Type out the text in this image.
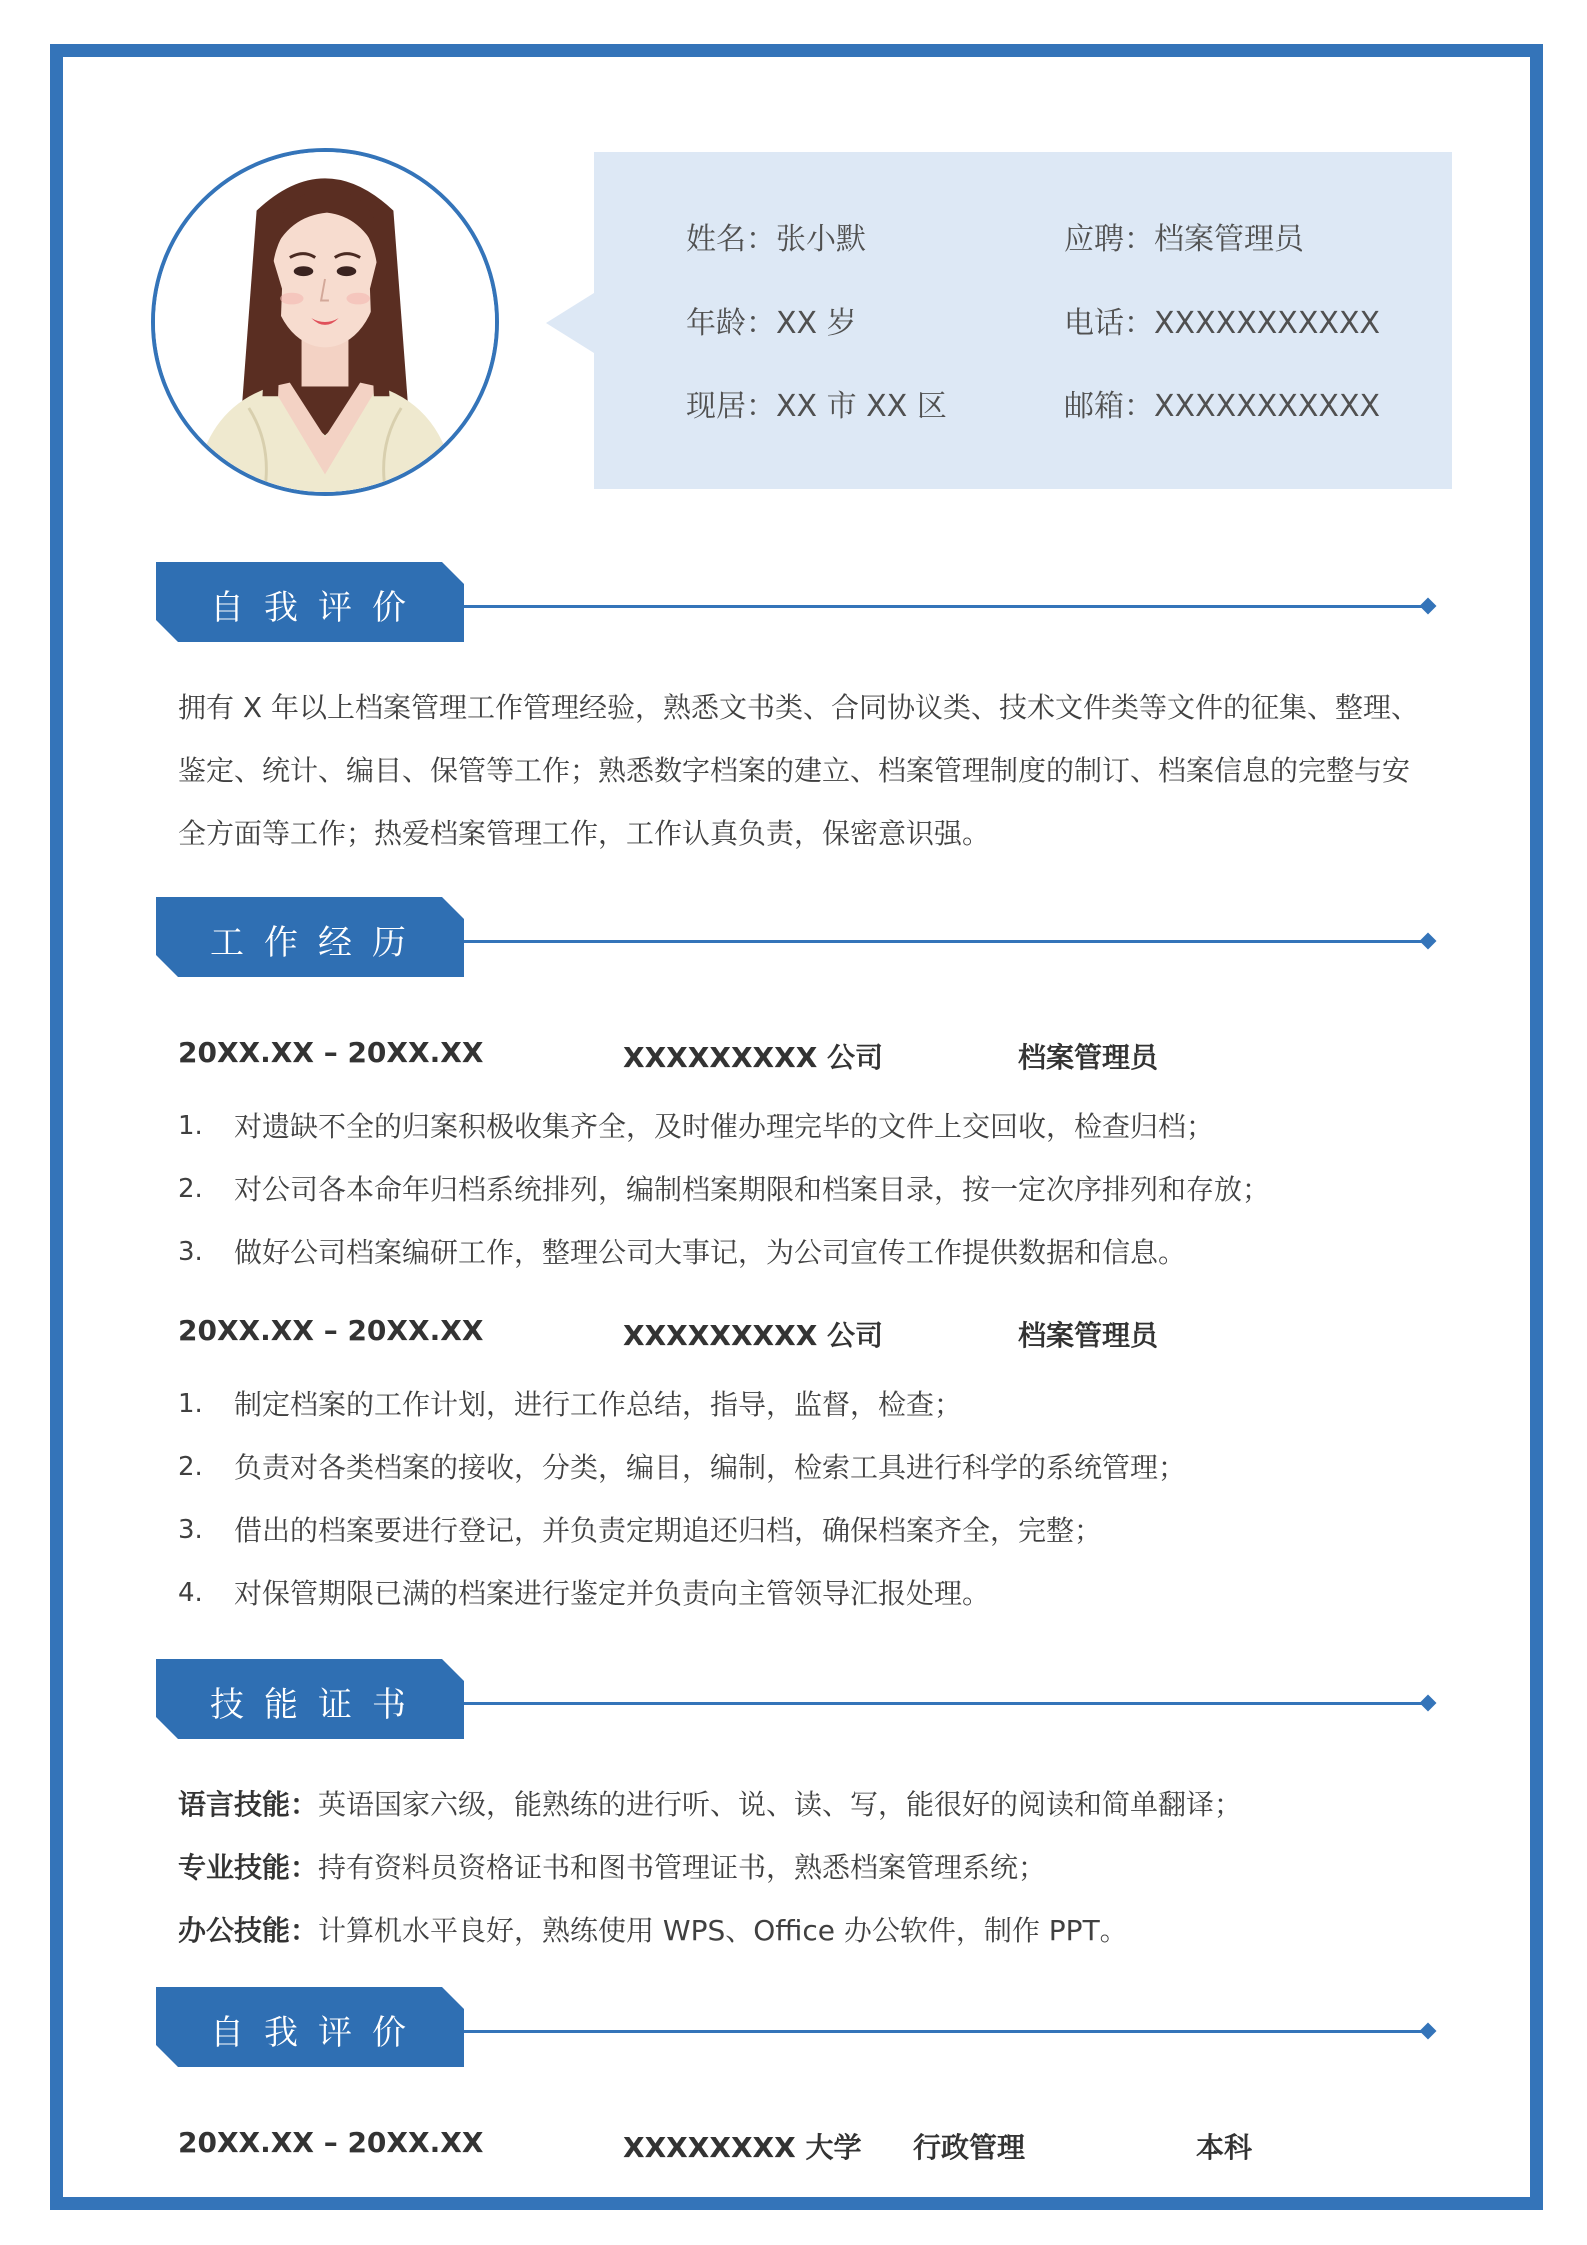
姓名：张小默	应聘：档案管理员
年龄：XX 岁	电话：XXXXXXXXXXX
现居：XX 市 XX 区	邮箱：XXXXXXXXXXX
自我评价
拥有 X 年以上档案管理工作管理经验，熟悉文书类、合同协议类、技术文件类等文件的征集、整理、鉴定、统计、编目、保管等工作；熟悉数字档案的建立、档案管理制度的制订、档案信息的完整与安全方面等工作；热爱档案管理工作，工作认真负责，保密意识强。
工作经历
20XX.XX – 20XX.XX	XXXXXXXXX 公司	档案管理员
1.	对遗缺不全的归案积极收集齐全，及时催办理完毕的文件上交回收，检查归档；
2.	对公司各本命年归档系统排列，编制档案期限和档案目录，按一定次序排列和存放；
3.	做好公司档案编研工作，整理公司大事记，为公司宣传工作提供数据和信息。
20XX.XX – 20XX.XX	XXXXXXXXX 公司	档案管理员
1.	制定档案的工作计划，进行工作总结，指导，监督，检查；
2.	负责对各类档案的接收，分类，编目，编制，检索工具进行科学的系统管理；
3.	借出的档案要进行登记，并负责定期追还归档，确保档案齐全，完整；
4.	对保管期限已满的档案进行鉴定并负责向主管领导汇报处理。
技能证书
语言技能：英语国家六级，能熟练的进行听、说、读、写，能很好的阅读和简单翻译；
专业技能：持有资料员资格证书和图书管理证书，熟悉档案管理系统；
办公技能：计算机水平良好，熟练使用 WPS、Office 办公软件，制作 PPT。
自我评价
20XX.XX – 20XX.XX	XXXXXXXX 大学 行政管理	本科
